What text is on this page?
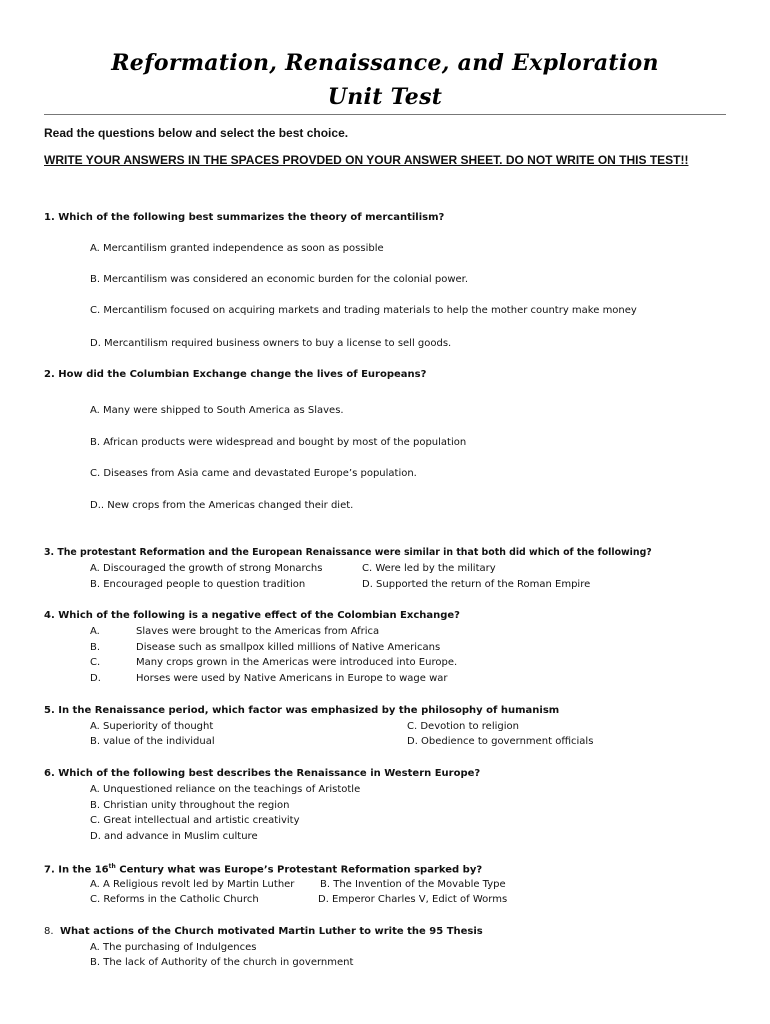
Reformation, Renaissance, and Exploration
Unit Test
Read the questions below and select the best choice.
WRITE YOUR ANSWERS IN THE SPACES PROVDED ON YOUR ANSWER SHEET. DO NOT WRITE ON THIS TEST!!
1. Which of the following best summarizes the theory of mercantilism?
A. Mercantilism granted independence as soon as possible
B. Mercantilism was considered an economic burden for the colonial power.
C. Mercantilism focused on acquiring markets and trading materials to help the mother country make money
D. Mercantilism required business owners to buy a license to sell goods.
2. How did the Columbian Exchange change the lives of Europeans?
A. Many were shipped to South America as Slaves.
B. African products were widespread and bought by most of the population
C. Diseases from Asia came and devastated Europe’s population.
D.. New crops from the Americas changed their diet.
3. The protestant Reformation and the European Renaissance were similar in that both did which of the following?
A. Discouraged the growth of strong Monarchs
B. Encouraged people to question tradition
C. Were led by the military
D. Supported the return of the Roman Empire
4. Which of the following is a negative effect of the Colombian Exchange?
A.	Slaves were brought to the Americas from Africa
B.	Disease such as smallpox killed millions of Native Americans
C.	Many crops grown in the Americas were introduced into Europe.
D.	Horses were used by Native Americans in Europe to wage war
5. In the Renaissance period, which factor was emphasized by the philosophy of humanism
A. Superiority of thought
B. value of the individual
C. Devotion to religion
D. Obedience to government officials
6. Which of the following best describes the Renaissance in Western Europe?
A. Unquestioned reliance on the teachings of Aristotle
B. Christian unity throughout the region
C. Great intellectual and artistic creativity
D. and advance in Muslim culture
7. In the 16th Century what was Europe’s Protestant Reformation sparked by?
A. A Religious revolt led by Martin Luther
C. Reforms in the Catholic Church
B. The Invention of the Movable Type
D. Emperor Charles V, Edict of Worms
8. What actions of the Church motivated Martin Luther to write the 95 Thesis
A. The purchasing of Indulgences
B. The lack of Authority of the church in government
